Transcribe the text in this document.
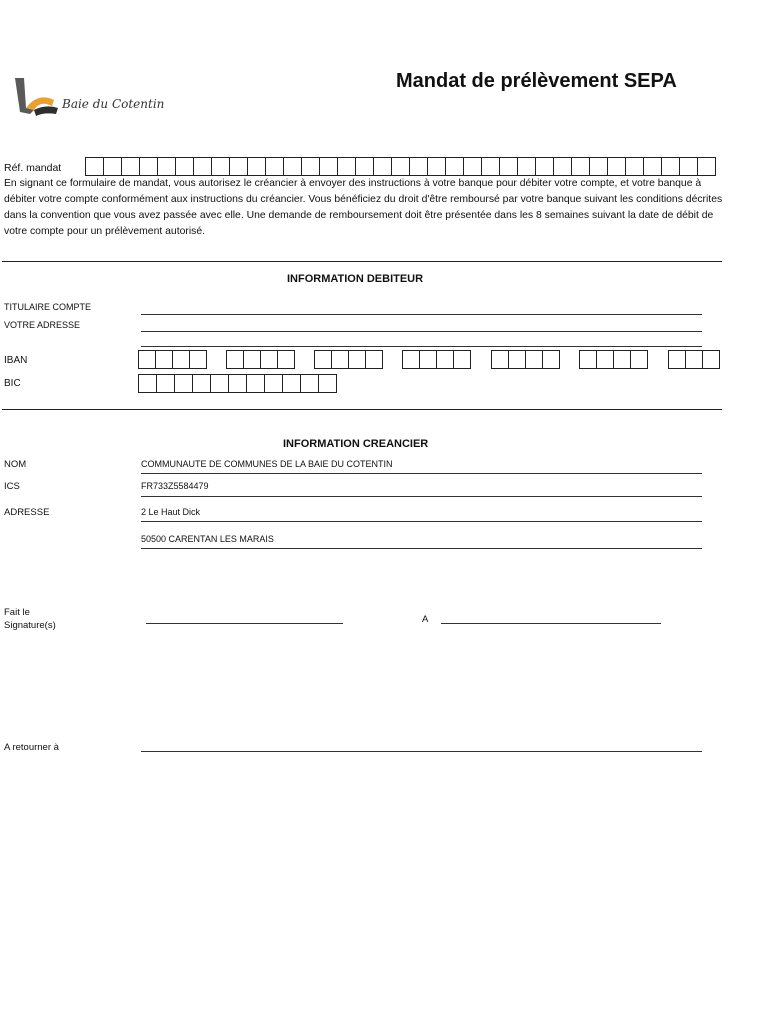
Baie du Cotentin
Mandat de prélèvement SEPA
Réf. mandat
En signant ce formulaire de mandat, vous autorisez le créancier à envoyer des instructions à votre banque pour débiter votre compte, et votre banque à débiter votre compte conformément aux instructions du créancier. Vous bénéficiez du droit d'être remboursé par votre banque suivant les conditions décrites dans la convention que vous avez passée avec elle. Une demande de remboursement doit être présentée dans les 8 semaines suivant la date de débit de votre compte pour un prélèvement autorisé.
INFORMATION DEBITEUR
TITULAIRE COMPTE
VOTRE ADRESSE
IBAN
BIC
INFORMATION CREANCIER
NOM	COMMUNAUTE DE COMMUNES DE LA BAIE DU COTENTIN
ICS	FR733Z5584479
ADRESSE	2 Le Haut Dick
50500 CARENTAN LES MARAIS
Fait le
Signature(s)
A
A retourner à
